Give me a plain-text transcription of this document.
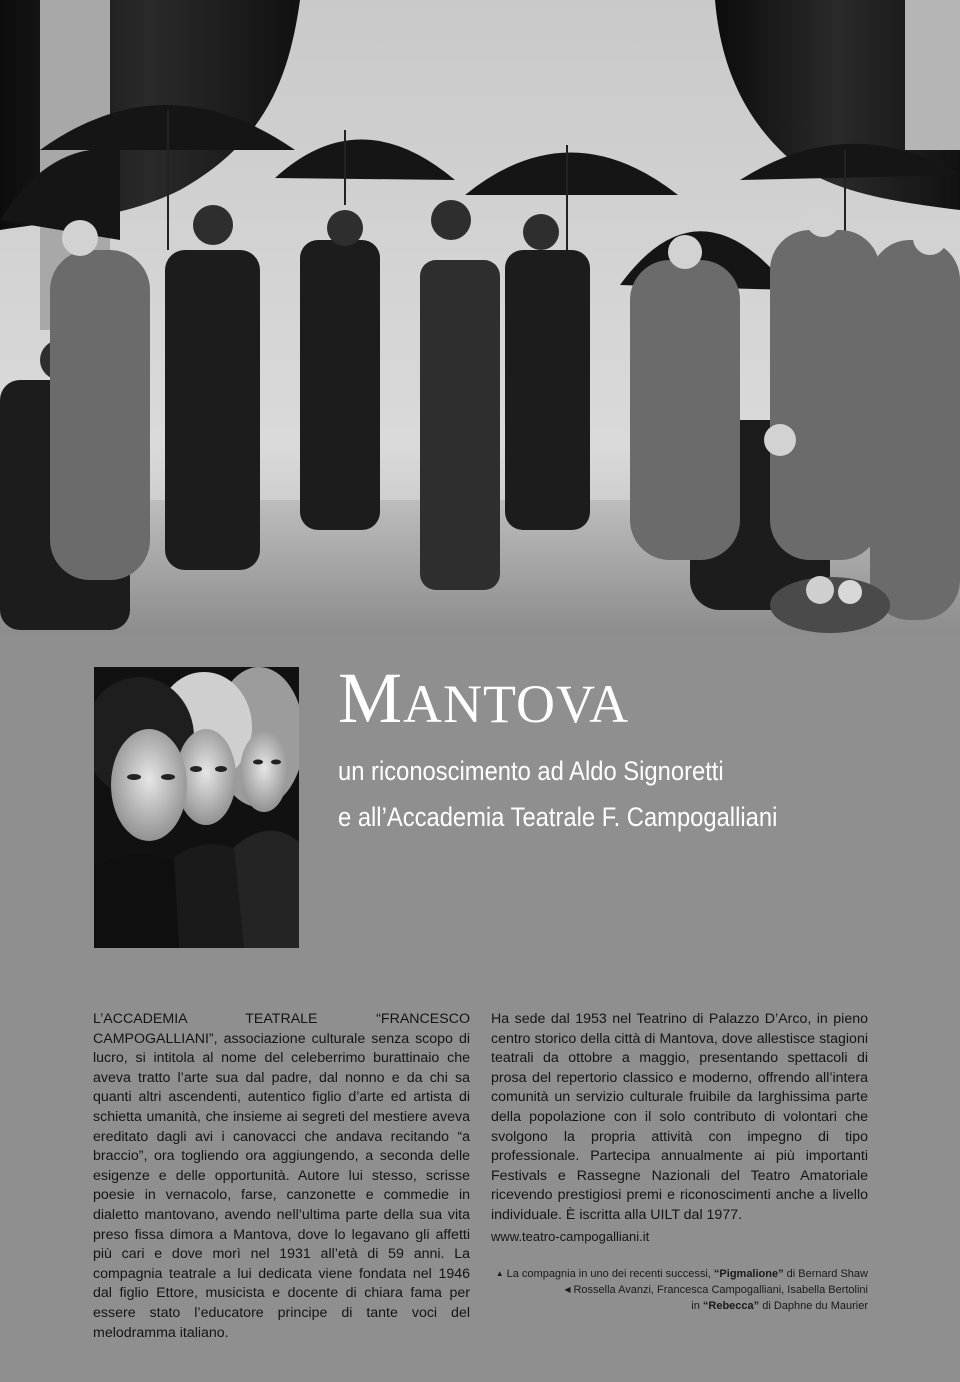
MANTOVA
un riconoscimento ad Aldo Signoretti
e all’Accademia Teatrale F. Campogalliani

L’ACCADEMIA TEATRALE “FRANCESCO CAMPOGALLIANI”, associazione culturale senza scopo di lucro, si intitola al nome del celeberrimo burattinaio che aveva tratto l’arte sua dal padre, dal nonno e da chi sa quanti altri ascendenti, autentico figlio d’arte ed artista di schietta umanità, che insieme ai segreti del mestiere aveva ereditato dagli avi i canovacci che andava recitando “a braccio”, ora togliendo ora aggiungendo, a seconda delle esigenze e delle opportunità. Autore lui stesso, scrisse poesie in vernacolo, farse, canzonette e commedie in dialetto mantovano, avendo nell’ultima parte della sua vita preso fissa dimora a Mantova, dove lo legavano gli affetti più cari e dove morì nel 1931 all’età di 59 anni. La compagnia teatrale a lui dedicata viene fondata nel 1946 dal figlio Ettore, musicista e docente di chiara fama per essere stato l’educatore principe di tante voci del melodramma italiano.

Ha sede dal 1953 nel Teatrino di Palazzo D’Arco, in pieno centro storico della città di Mantova, dove allestisce stagioni teatrali da ottobre a maggio, presentando spettacoli di prosa del repertorio classico e moderno, offrendo all’intera comunità un servizio culturale fruibile da larghissima parte della popolazione con il solo contributo di volontari che svolgono la propria attività con impegno di tipo professionale. Partecipa annualmente ai più importanti Festivals e Rassegne Nazionali del Teatro Amatoriale ricevendo prestigiosi premi e riconoscimenti anche a livello individuale. È iscritta alla UILT dal 1977.

www.teatro-campogalliani.it
▲ La compagnia in uno dei recenti successi, “Pigmalione” di Bernard Shaw
◀ Rossella Avanzi, Francesca Campogalliani, Isabella Bertolini
in “Rebecca” di Daphne du Maurier
